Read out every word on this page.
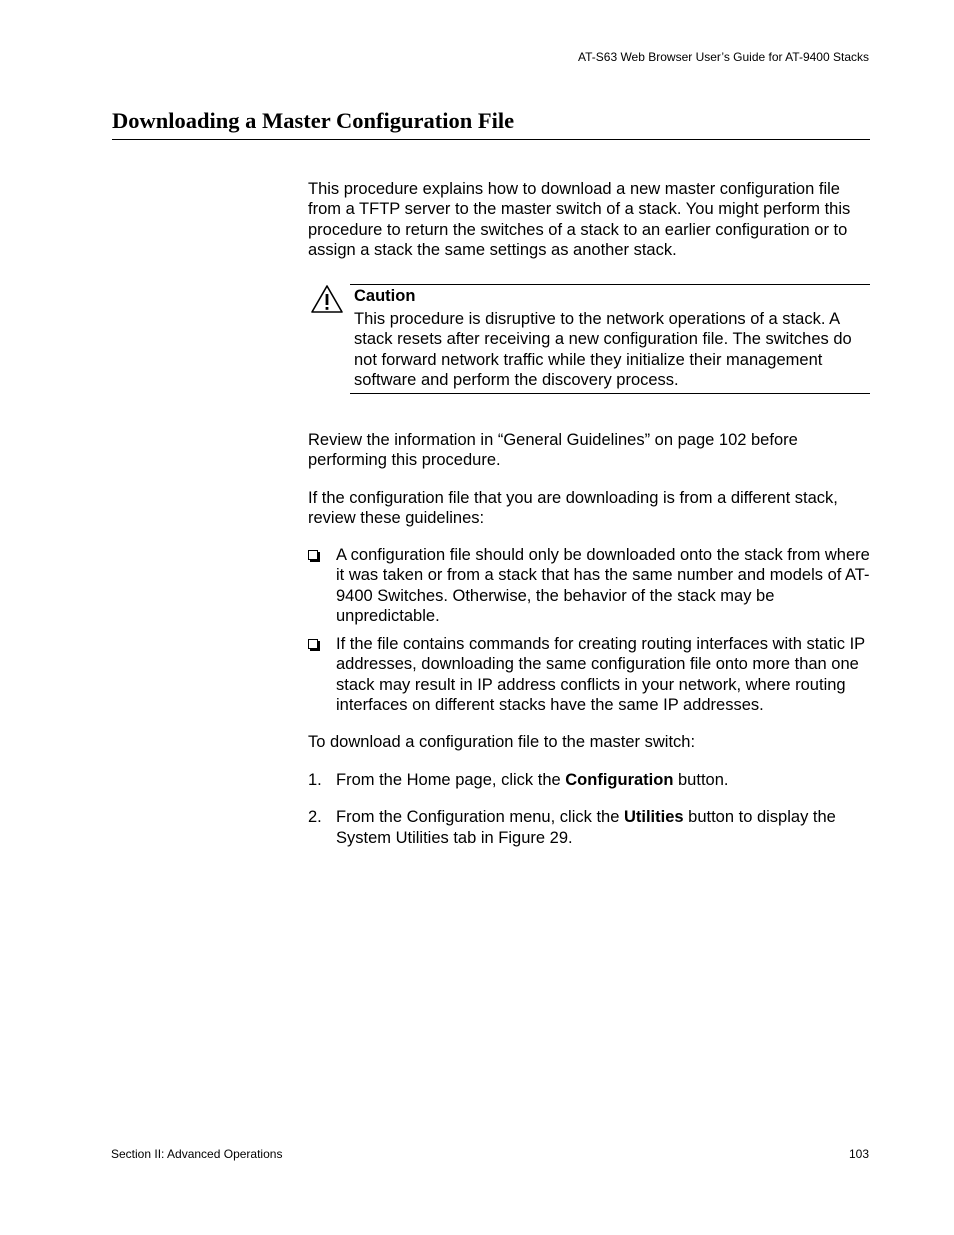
AT-S63 Web Browser User’s Guide for AT-9400 Stacks
Downloading a Master Configuration File

This procedure explains how to download a new master configuration file from a TFTP server to the master switch of a stack. You might perform this procedure to return the switches of a stack to an earlier configuration or to assign a stack the same settings as another stack.

Caution

This procedure is disruptive to the network operations of a stack. A stack resets after receiving a new configuration file. The switches do not forward network traffic while they initialize their management software and perform the discovery process.

Review the information in “General Guidelines” on page 102 before performing this procedure.

If the configuration file that you are downloading is from a different stack, review these guidelines:

A configuration file should only be downloaded onto the stack from where it was taken or from a stack that has the same number and models of AT-9400 Switches. Otherwise, the behavior of the stack may be unpredictable.
If the file contains commands for creating routing interfaces with static IP addresses, downloading the same configuration file onto more than one stack may result in IP address conflicts in your network, where routing interfaces on different stacks have the same IP addresses.

To download a configuration file to the master switch:

1. From the Home page, click the Configuration button.
2. From the Configuration menu, click the Utilities button to display the System Utilities tab in Figure 29.
Section II: Advanced Operations	103
